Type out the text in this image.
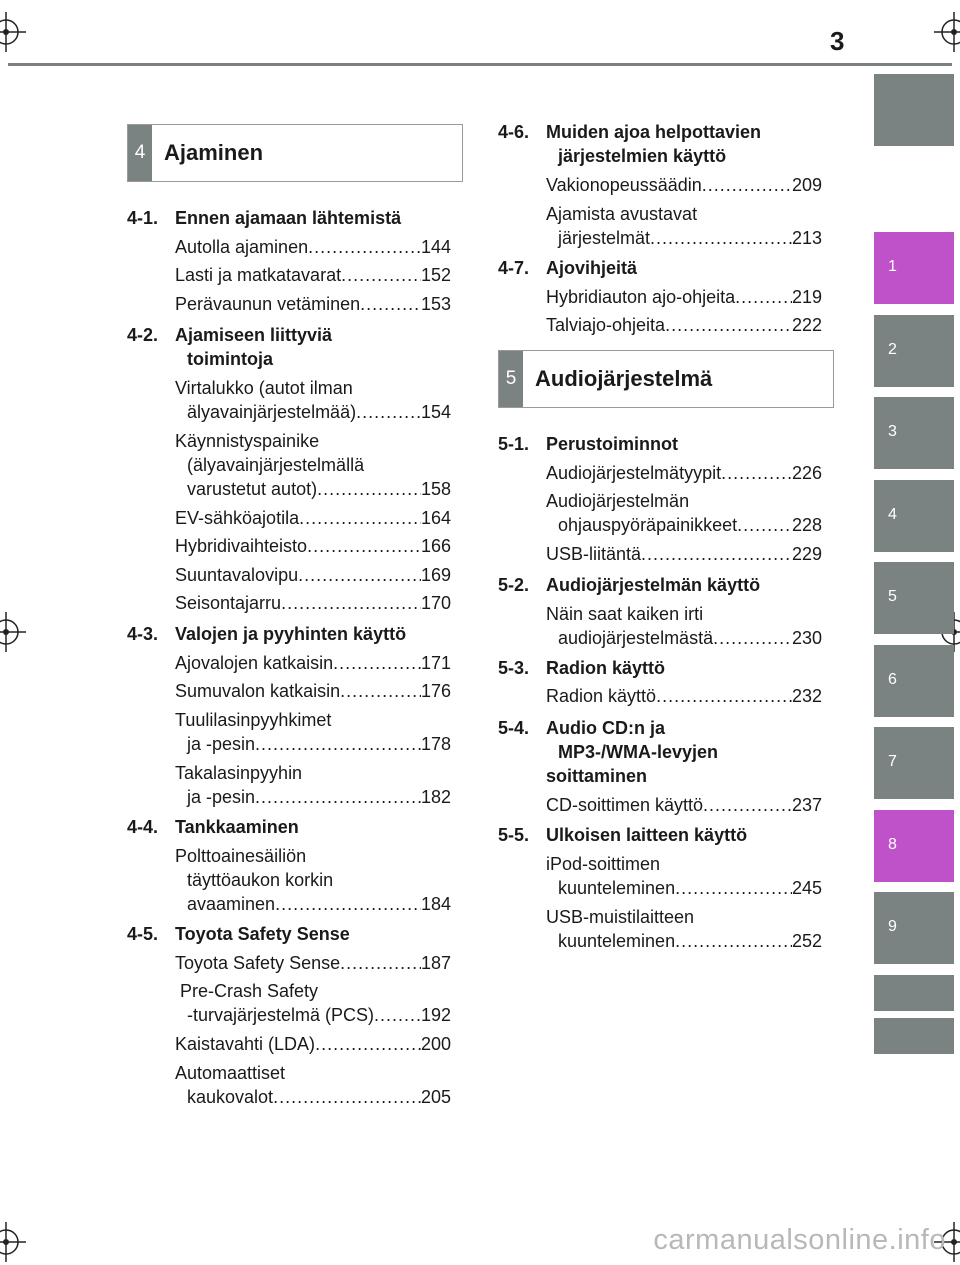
3
1
2
3
4
5
6
7
8
9
4 Ajaminen
4-1. Ennen ajamaan lähtemistä
Autolla ajaminen .....	144
Lasti ja matkatavarat .....	152
Perävaunun vetäminen .....	153
4-2. Ajamiseen liittyviä
toimintoja
Virtalukko (autot ilman
älyavainjärjestelmää) .....	154
Käynnistyspainike
(älyavainjärjestelmällä
varustetut autot) .....	158
EV-sähköajotila .....	164
Hybridivaihteisto .....	166
Suuntavalovipu .....	169
Seisontajarru .....	170
4-3. Valojen ja pyyhinten käyttö
Ajovalojen katkaisin .....	171
Sumuvalon katkaisin .....	176
Tuulilasinpyyhkimet
ja -pesin .....	178
Takalasinpyyhin
ja -pesin .....	182
4-4. Tankkaaminen
Polttoainesäiliön
täyttöaukon korkin
avaaminen .....	184
4-5. Toyota Safety Sense
Toyota Safety Sense .....	187
Pre-Crash Safety
-turvajärjestelmä (PCS) .....	192
Kaistavahti (LDA) .....	200
Automaattiset
kaukovalot .....	205
4-6. Muiden ajoa helpottavien
järjestelmien käyttö
Vakionopeussäädin .....	209
Ajamista avustavat
järjestelmät .....	213
4-7. Ajovihjeitä
Hybridiauton ajo-ohjeita .....	219
Talviajo-ohjeita .....	222
5 Audiojärjestelmä
5-1. Perustoiminnot
Audiojärjestelmätyypit .....	226
Audiojärjestelmän
ohjauspyöräpainikkeet .....	228
USB-liitäntä .....	229
5-2. Audiojärjestelmän käyttö
Näin saat kaiken irti
audiojärjestelmästä .....	230
5-3. Radion käyttö
Radion käyttö .....	232
5-4. Audio CD:n ja
MP3-/WMA-levyjen
soittaminen
CD-soittimen käyttö .....	237
5-5. Ulkoisen laitteen käyttö
iPod-soittimen
kuunteleminen .....	245
USB-muistilaitteen
kuunteleminen .....	252
carmanualsonline.info
